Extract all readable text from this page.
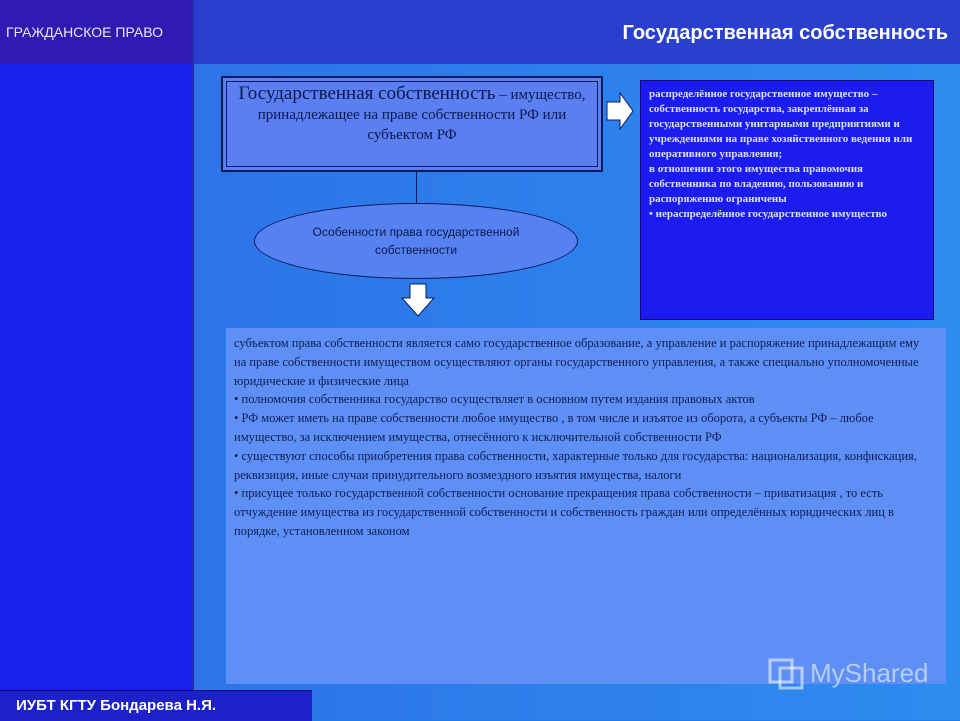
ГРАЖДАНСКОЕ ПРАВО	Государственная собственность
Государственная собственность – имущество, принадлежащее на праве собственности РФ или субъектом РФ
Особенности права государственной собственности
распределённое государственное имущество – собственность государства, закреплённая за государственными унитарными предприятиями и учреждениями на праве хозяйственного ведения или оперативного управления;
в отношении этого имущества правомочия собственника по владению, пользованию и распоряжению ограничены
• нераспределённое государственное имущество

субъектом права собственности является само государственное образование, а управление и распоряжение принадлежащим ему на праве собственности имуществом осуществляют органы государственного управления, а также специально уполномоченные юридические и физические лица

• полномочия собственника государство осуществляет в основном путем издания правовых актов

• РФ может иметь на праве собственности любое имущество , в том числе и изъятое из оборота, а субъекты РФ – любое имущество, за исключением имущества, отнесённого к исключительной собственности РФ

• существуют способы приобретения права собственности, характерные только для государства: национализация, конфискация, реквизиция, иные случаи принудительного возмездного изъятия имущества, налоги

• присущее только государственной собственности основание прекращения права собственности – приватизация , то есть отчуждение имущества из государственной собственности и собственность граждан или определённых юридических лиц в порядке, установленном законом

MyShared
ИУБТ КГТУ Бондарева Н.Я.
